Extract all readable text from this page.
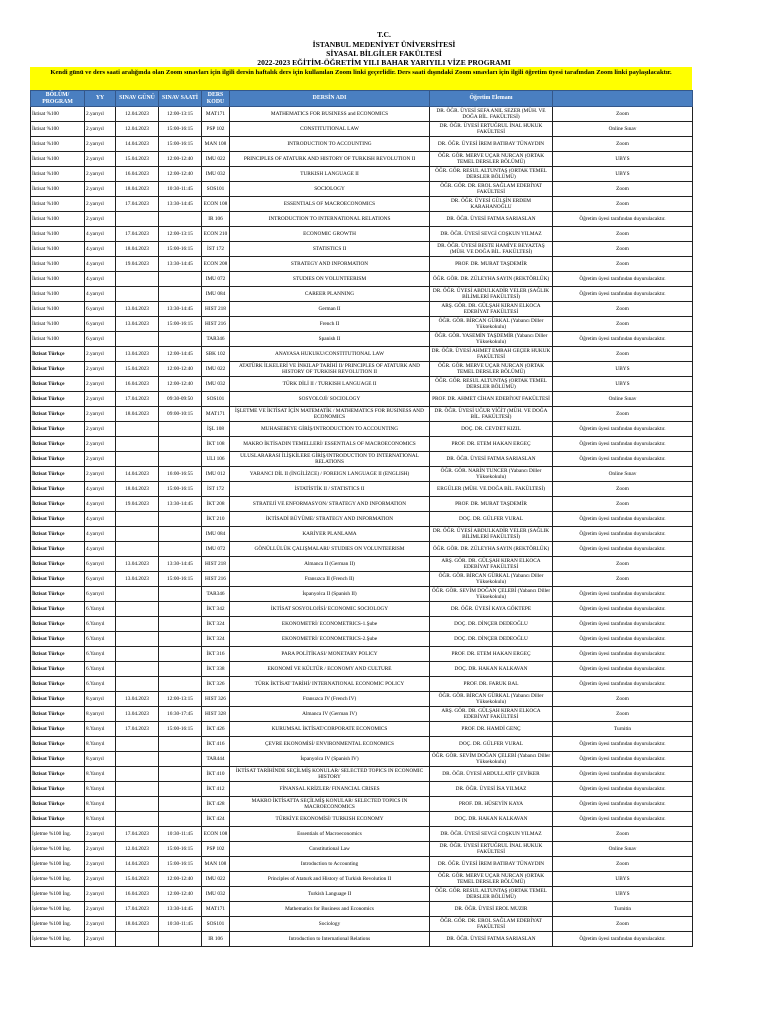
T.C.
İSTANBUL MEDENİYET ÜNİVERSİTESİ
SİYASAL BİLGİLER FAKÜLTESİ
2022-2023 EĞİTİM-ÖĞRETİM YILI BAHAR YARIYILI VİZE PROGRAMI
Kendi günü ve ders saati aralığında olan Zoom sınavları için ilgili dersin haftalık ders için kullanılan Zoom linki geçerlidir. Ders saati dışındaki Zoom sınavları için ilgili öğretim üyesi tarafından Zoom linki paylaşılacaktır.
BÖLÜM/ PROGRAM	YY	SINAV GÜNÜ	SINAV SAATİ	DERS KODU	DERSİN ADI	Öğretim Elemanı	
İktisat %100	2.yarıyıl	12.04.2023	12:00-13:15	MAT171	MATHEMATICS FOR BUSINESS and ECONOMICS	DR. ÖĞR. ÜYESİ SEFA ANIL SEZER (MÜH. VE DOĞA BİL. FAKÜLTESİ)	Zoom
İktisat %100	2.yarıyıl	12.04.2023	15:00-16:15	PSP 102	CONSTITUTIONAL LAW	DR. ÖĞR. ÜYESİ ERTUĞRUL İNAL HUKUK FAKÜLTESİ	Online Sınav
İktisat %100	2.yarıyıl	14.04.2023	15:00-16:15	MAN 108	INTRODUCTION TO ACCOUNTING	DR. ÖĞR. ÜYESİ İREM BATIBAY TÜNAYDIN	Zoom
İktisat %100	2.yarıyıl	15.04.2023	12:00-12:40	IMU 022	PRINCIPLES OF ATATURK AND HISTORY OF TURKISH REVOLUTION II	ÖĞR. GÖR. MERVE UÇAR NURCAN (ORTAK TEMEL DERSLER BÖLÜMÜ)	UBYS
İktisat %100	2.yarıyıl	16.04.2023	12:00-12:40	IMU 032	TURKISH LANGUAGE II	ÖĞR. GÖR. RESUL ALTUNTAŞ (ORTAK TEMEL DERSLER BÖLÜMÜ)	UBYS
İktisat %100	2.yarıyıl	18.04.2023	10:30-11:45	SOS101	SOCIOLOGY	ÖĞR. GÖR. DR. EROL SAĞLAM EDEBİYAT FAKÜLTESİ	Zoom
İktisat %100	2.yarıyıl	17.04.2023	13:30-14:45	ECON 108	ESSENTIALS OF MACROECONOMICS	DR. ÖĞR. ÜYESİ GÜLŞİN ERDEM KARAHANOĞLU	Zoom
İktisat %100	2.yarıyıl			IR 106	INTRODUCTION TO INTERNATIONAL RELATIONS	DR. ÖĞR. ÜYESİ FATMA SARIASLAN	Öğretim üyesi tarafından duyurulacaktır.
İktisat %100	4.yarıyıl	17.04.2023	12:00-13:15	ECON 210	ECONOMIC GROWTH	DR. ÖĞR. ÜYESİ SEVGİ COŞKUN YILMAZ	Zoom
İktisat %100	4.yarıyıl	18.04.2023	15:00-16:15	İST 172	STATISTICS II	DR. ÖĞR. ÜYESİ BESTE HAMİYE BEYAZTAŞ (MÜH. VE DOĞA BİL. FAKÜLTESİ)	Zoom
İktisat %100	4.yarıyıl	19.04.2023	13:30-14:45	ECON 208	STRATEGY AND INFORMATION	PROF. DR. MURAT TAŞDEMİR	Zoom
İktisat %100	4.yarıyıl			IMU 072	STUDIES ON VOLUNTEERISM	ÖĞR. GÖR. DR. ZÜLEYHA SAYIN (REKTÖRLÜK)	Öğretim üyesi tarafından duyurulacaktır.
İktisat %100	4.yarıyıl			IMU 084	CAREER PLANNING	DR. ÖĞR. ÜYESİ ABDULKADİR YELER (SAĞLIK BİLİMLERİ FAKÜLTESİ)	Öğretim üyesi tarafından duyurulacaktır.
İktisat %100	6.yarıyıl	13.04.2023	13:30-14:45	HIST 218	German II	ARŞ. GÖR. DR. GÜLŞAH KIRAN ELKOCA EDEBİYAT FAKÜLTESİ	Zoom
İktisat %100	6.yarıyıl	13.04.2023	15:00-16:15	HIST 216	French II	ÖĞR. GÖR. BİRCAN GÜRKAL (Yabancı Diller Yüksekokulu)	Zoom
İktisat %100	6.yarıyıl			TAR346	Spanish II	ÖĞR. GÖR. YASEMİN TAŞDEMİR (Yabancı Diller Yüksekokulu)	Öğretim üyesi tarafından duyurulacaktır.
İktisat Türkçe	2.yarıyıl	13.04.2023	12:00-14:45	SBK 102	ANAYASA HUKUKU/CONSTITUTIONAL LAW	DR. ÖĞR. ÜYESİ AHMET EMRAH GEÇER HUKUK FAKÜLTESİ	Zoom
İktisat Türkçe	2.yarıyıl	15.04.2023	12:00-12:40	IMU 022	ATATÜRK İLKELERİ VE İNKILAP TARİHİ II/ PRINCIPLES OF ATATURK AND HISTORY OF TURKISH REVOLUTION II	ÖĞR. GÖR. MERVE UÇAR NURCAN (ORTAK TEMEL DERSLER BÖLÜMÜ)	UBYS
İktisat Türkçe	2.yarıyıl	16.04.2023	12:00-12:40	IMU 032	TÜRK DİLİ II / TURKISH LANGUAGE II	ÖĞR. GÖR. RESUL ALTUNTAŞ (ORTAK TEMEL DERSLER BÖLÜMÜ)	UBYS
İktisat Türkçe	2.yarıyıl	17.04.2023	09:30-09:50	SOS101	SOSYOLOJİ/ SOCIOLOGY	PROF. DR. AHMET CİHAN EDEBİYAT FAKÜLTESİ	Online Sınav
İktisat Türkçe	2.yarıyıl	18.04.2023	09:00-10:15	MAT171	İŞLETME VE İKTİSAT İÇİN MATEMATİK / MATHEMATICS FOR BUSINESS AND ECONOMICS	DR. ÖĞR. ÜYESİ UĞUR YİĞİT (MÜH. VE DOĞA BİL. FAKÜLTESİ)	Zoom
İktisat Türkçe	2.yarıyıl			İŞL 108	MUHASEBEYE GİRİŞ/INTRODUCTION TO ACCOUNTING	DOÇ. DR. CEVDET KIZIL	Öğretim üyesi tarafından duyurulacaktır.
İktisat Türkçe	2.yarıyıl			İKT 108	MAKRO İKTİSADIN TEMELLERİ/ ESSENTIALS OF MACROECONOMICS	PROF. DR. ETEM HAKAN ERGEÇ	Öğretim üyesi tarafından duyurulacaktır.
İktisat Türkçe	2.yarıyıl			ULI 106	ULUSLARARASI İLİŞKİLERE GİRİŞ/INTRODUCTION TO INTERNATIONAL RELATIONS	DR. ÖĞR. ÜYESİ FATMA SARIASLAN	Öğretim üyesi tarafından duyurulacaktır.
İktisat Türkçe	2.yarıyıl	14.04.2023	16:00-16:55	IMU 012	YABANCI DİL II (İNGİLİZCE) / FOREIGN LANGUAGE II (ENGLISH)	ÖĞR. GÖR. NARİN TUNCER (Yabancı Diller Yüksekokulu)	Online Sınav
İktisat Türkçe	4.yarıyıl	18.04.2023	15:00-16:15	İST 172	İSTATİSTİK II / STATISTICS II	ERGÜLER (MÜH. VE DOĞA BİL. FAKÜLTESİ)	Zoom
İktisat Türkçe	4.yarıyıl	19.04.2023	13:30-14:45	İKT 208	STRATEJİ VE ENFORMASYON/ STRATEGY AND INFORMATION	PROF. DR. MURAT TAŞDEMİR	Zoom
İktisat Türkçe	4.yarıyıl			İKT 210	İKTİSADİ BÜYÜME/ STRATEGY AND INFORMATION	DOÇ. DR. GÜLFER VURAL	Öğretim üyesi tarafından duyurulacaktır.
İktisat Türkçe	4.yarıyıl			IMU 084	KARİYER PLANLAMA	DR. ÖĞR. ÜYESİ ABDULKADİR YELER (SAĞLIK BİLİMLERİ FAKÜLTESİ)	Öğretim üyesi tarafından duyurulacaktır.
İktisat Türkçe	4.yarıyıl			IMU 072	GÖNÜLLÜLÜK ÇALIŞMALARI/ STUDIES ON VOLUNTEERISM	ÖĞR. GÖR. DR. ZÜLEYHA SAYIN (REKTÖRLÜK)	Öğretim üyesi tarafından duyurulacaktır.
İktisat Türkçe	6.yarıyıl	13.04.2023	13:30-14:45	HIST 218	Almanca II (German II)	ARŞ. GÖR. DR. GÜLŞAH KIRAN ELKOCA EDEBİYAT FAKÜLTESİ	Zoom
İktisat Türkçe	6.yarıyıl	13.04.2023	15:00-16:15	HIST 216	Fransızca II (French II)	ÖĞR. GÖR. BİRCAN GÜRKAL (Yabancı Diller Yüksekokulu)	Zoom
İktisat Türkçe	6.yarıyıl			TAR346	İspanyolca II (Spanish II)	ÖĞR. GÖR. SEVİM DOĞAN ÇELEBİ (Yabancı Diller Yüksekokulu)	Öğretim üyesi tarafından duyurulacaktır.
İktisat Türkçe	6.Yarıyıl			İKT 342	İKTİSAT SOSYOLOJİSİ/ ECONOMIC SOCIOLOGY	DR. ÖĞR. ÜYESİ KAYA GÖKTEPE	Öğretim üyesi tarafından duyurulacaktır.
İktisat Türkçe	6.Yarıyıl			İKT 324	EKONOMETRİ/ ECONOMETRICS-1.Şube	DOÇ. DR. DİNÇER DEDEOĞLU	Öğretim üyesi tarafından duyurulacaktır.
İktisat Türkçe	6.Yarıyıl			İKT 324	EKONOMETRİ/ ECONOMETRICS-2.Şube	DOÇ. DR. DİNÇER DEDEOĞLU	Öğretim üyesi tarafından duyurulacaktır.
İktisat Türkçe	6.Yarıyıl			İKT 316	PARA POLİTİKASI/ MONETARY POLICY	PROF. DR. ETEM HAKAN ERGEÇ	Öğretim üyesi tarafından duyurulacaktır.
İktisat Türkçe	6.Yarıyıl			İKT 338	EKONOMİ VE KÜLTÜR / ECONOMY AND CULTURE	DOÇ. DR. HAKAN KALKAVAN	Öğretim üyesi tarafından duyurulacaktır.
İktisat Türkçe	6.Yarıyıl			İKT 326	TÜRK İKTİSAT TARİHİ/ INTERNATIONAL ECONOMIC POLICY	PROF. DR. FARUK BAL	Öğretim üyesi tarafından duyurulacaktır.
İktisat Türkçe	8.yarıyıl	13.04.2023	12:00-13:15	HIST 326	Fransızca IV (French IV)	ÖĞR. GÖR. BİRCAN GÜRKAL (Yabancı Diller Yüksekokulu)	Zoom
İktisat Türkçe	8.yarıyıl	13.04.2023	16:30-17:45	HIST 328	Almanca IV (German IV)	ARŞ. GÖR. DR. GÜLŞAH KIRAN ELKOCA EDEBİYAT FAKÜLTESİ	Zoom
İktisat Türkçe	8.Yarıyıl	17.04.2023	15:00-16:15	İKT 426	KURUMSAL İKTİSAT/CORPORATE ECONOMICS	PROF. DR. HAMDİ GENÇ	Turnitin
İktisat Türkçe	8.Yarıyıl			İKT 416	ÇEVRE EKONOMİSİ/ ENVIRONMENTAL ECONOMICS	DOÇ. DR. GÜLFER VURAL	Öğretim üyesi tarafından duyurulacaktır.
İktisat Türkçe	8.yarıyıl			TAR444	İspanyolca IV (Spanish IV)	ÖĞR. GÖR. SEVİM DOĞAN ÇELEBİ (Yabancı Diller Yüksekokulu)	Öğretim üyesi tarafından duyurulacaktır.
İktisat Türkçe	8.Yarıyıl			İKT 410	İKTİSAT TARİHİNDE SEÇİLMİŞ KONULAR/ SELECTED TOPICS IN ECONOMIC HISTORY	DR. ÖĞR. ÜYESİ ABDULLATİF ÇEVİKER	Öğretim üyesi tarafından duyurulacaktır.
İktisat Türkçe	8.Yarıyıl			İKT 412	FİNANSAL KRİZLER/ FINANCIAL CRISES	DR. ÖĞR. ÜYESİ İSA YILMAZ	Öğretim üyesi tarafından duyurulacaktır.
İktisat Türkçe	8.Yarıyıl			İKT 428	MAKRO İKTİSATTA SEÇİLMİŞ KONULAR/ SELECTED TOPICS IN MACROECONOMICS	PROF. DR. HÜSEYİN KAYA	Öğretim üyesi tarafından duyurulacaktır.
İktisat Türkçe	8.Yarıyıl			İKT 424	TÜRKİYE EKONOMİSİ/ TURKISH ECONOMY	DOÇ. DR. HAKAN KALKAVAN	Öğretim üyesi tarafından duyurulacaktır.
İşletme %100 İng.	2.yarıyıl	17.04.2023	10:30-11:45	ECON 108	Essentials of Macroeconomics	DR. ÖĞR. ÜYESİ SEVGİ COŞKUN YILMAZ	Zoom
İşletme %100 İng.	2.yarıyıl	12.04.2023	15:00-16:15	PSP 102	Constitutional Law	DR. ÖĞR. ÜYESİ ERTUĞRUL İNAL HUKUK FAKÜLTESİ	Online Sınav
İşletme %100 İng.	2.yarıyıl	14.04.2023	15:00-16:15	MAN 108	Introduction to Accounting	DR. ÖĞR. ÜYESİ İREM BATIBAY TÜNAYDIN	Zoom
İşletme %100 İng.	2.yarıyıl	15.04.2023	12:00-12:40	IMU 022	Principles of Ataturk and History of Turkish Revolution II	ÖĞR. GÖR. MERVE UÇAR NURCAN (ORTAK TEMEL DERSLER BÖLÜMÜ)	UBYS
İşletme %100 İng.	2.yarıyıl	16.04.2023	12:00-12:40	IMU 032	Turkish Language II	ÖĞR. GÖR. RESUL ALTUNTAŞ (ORTAK TEMEL DERSLER BÖLÜMÜ)	UBYS
İşletme %100 İng.	2.yarıyıl	17.04.2023	13:30-14:45	MAT171	Mathematics for Business and Economics	DR. ÖĞR. ÜYESİ EROL MUZIR	Turnitin
İşletme %100 İng.	2.yarıyıl	18.04.2023	10:30-11:45	SOS101	Sociology	ÖĞR. GÖR. DR. EROL SAĞLAM EDEBİYAT FAKÜLTESİ	Zoom
İşletme %100 İng.	2.yarıyıl			IR 106	Introduction to International Relations	DR. ÖĞR. ÜYESİ FATMA SARIASLAN	Öğretim üyesi tarafından duyurulacaktır.
